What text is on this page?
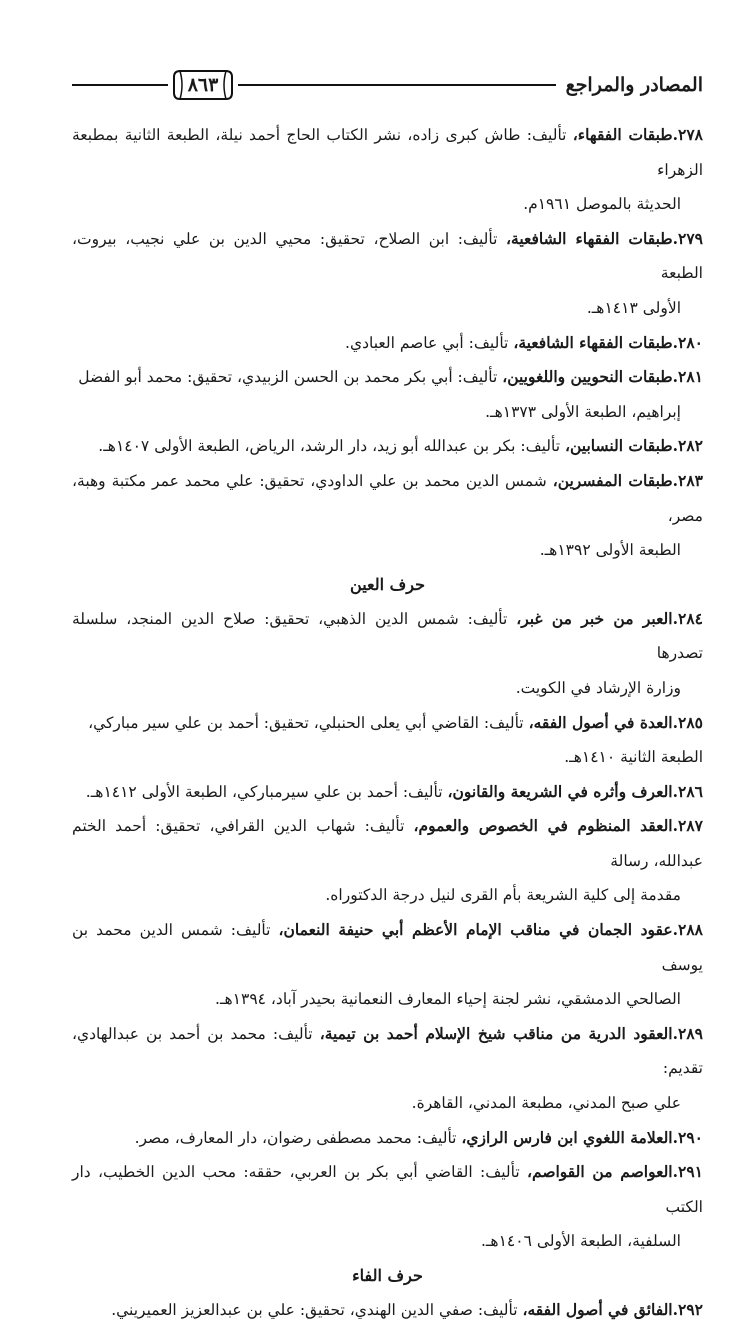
المصادر والمراجع
٨٦٣
٢٧٨.طبقات الفقهاء، تأليف: طاش كبرى زاده، نشر الكتاب الحاج أحمد نيلة، الطبعة الثانية بمطبعة الزهراء
الحديثة بالموصل ١٩٦١م.
٢٧٩.طبقات الفقهاء الشافعية، تأليف: ابن الصلاح، تحقيق: محيي الدين بن علي نجيب، بيروت، الطبعة
الأولى ١٤١٣هـ.
٢٨٠.طبقات الفقهاء الشافعية، تأليف: أبي عاصم العبادي.
٢٨١.طبقات النحويين واللغويين، تأليف: أبي بكر محمد بن الحسن الزبيدي، تحقيق: محمد أبو الفضل
إبراهيم، الطبعة الأولى ١٣٧٣هـ.
٢٨٢.طبقات النسابين، تأليف: بكر بن عبدالله أبو زيد، دار الرشد، الرياض، الطبعة الأولى ١٤٠٧هـ.
٢٨٣.طبقات المفسرين، شمس الدين محمد بن علي الداودي، تحقيق: علي محمد عمر مكتبة وهبة، مصر،
الطبعة الأولى ١٣٩٢هـ.
حرف العين
٢٨٤.العبر من خبر من غبر، تأليف: شمس الدين الذهبي، تحقيق: صلاح الدين المنجد، سلسلة تصدرها
وزارة الإرشاد في الكويت.
٢٨٥.العدة في أصول الفقه، تأليف: القاضي أبي يعلى الحنبلي، تحقيق: أحمد بن علي سير مباركي، الطبعة الثانية ١٤١٠هـ.
٢٨٦.العرف وأثره في الشريعة والقانون، تأليف: أحمد بن علي سيرمباركي، الطبعة الأولى ١٤١٢هـ.
٢٨٧.العقد المنظوم في الخصوص والعموم، تأليف: شهاب الدين القرافي، تحقيق: أحمد الختم عبدالله، رسالة
مقدمة إلى كلية الشريعة بأم القرى لنيل درجة الدكتوراه.
٢٨٨.عقود الجمان في مناقب الإمام الأعظم أبي حنيفة النعمان، تأليف: شمس الدين محمد بن يوسف
الصالحي الدمشقي، نشر لجنة إحياء المعارف النعمانية بحيدر آباد، ١٣٩٤هـ.
٢٨٩.العقود الدرية من مناقب شيخ الإسلام أحمد بن تيمية، تأليف: محمد بن أحمد بن عبدالهادي، تقديم:
علي صبح المدني، مطبعة المدني، القاهرة.
٢٩٠.العلامة اللغوي ابن فارس الرازي، تأليف: محمد مصطفى رضوان، دار المعارف، مصر.
٢٩١.العواصم من القواصم، تأليف: القاضي أبي بكر بن العربي، حققه: محب الدين الخطيب، دار الكتب
السلفية، الطبعة الأولى ١٤٠٦هـ.
حرف الفاء
٢٩٢.الفائق في أصول الفقه، تأليف: صفي الدين الهندي، تحقيق: علي بن عبدالعزيز العميريني.
